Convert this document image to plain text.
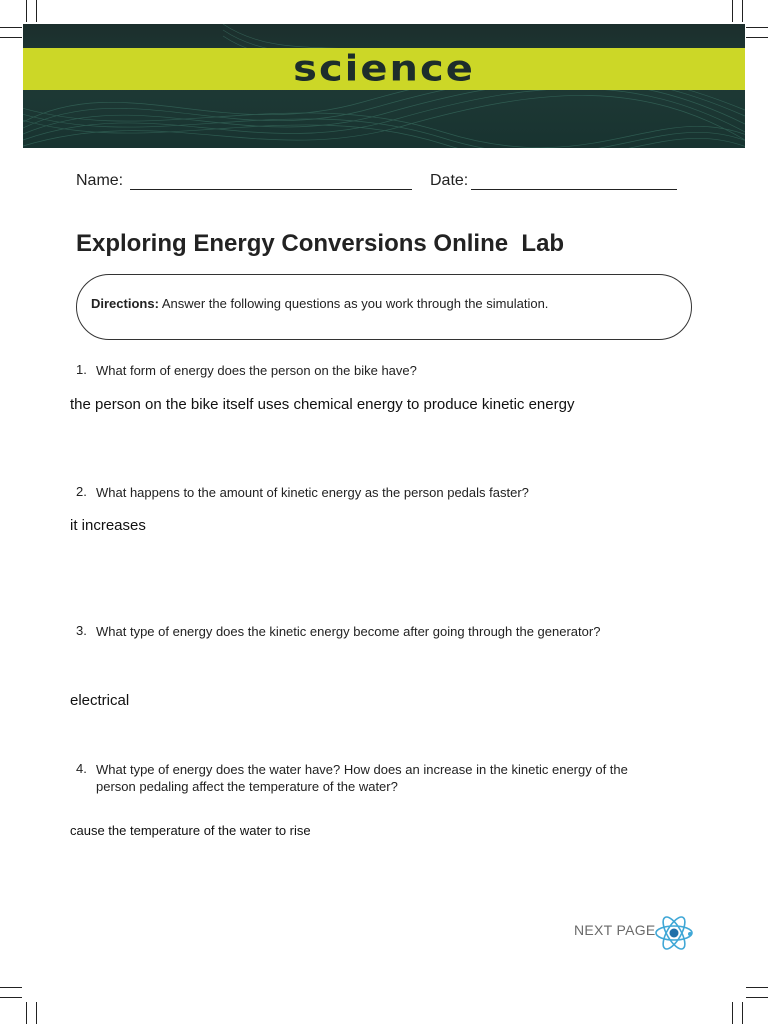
science
Name:	Date:
Exploring Energy Conversions Online  Lab

Directions: Answer the following questions as you work through the simulation.

1. What form of energy does the person on the bike have?
the person on the bike itself uses chemical energy to produce kinetic energy
2. What happens to the amount of kinetic energy as the person pedals faster?
it increases
3. What type of energy does the kinetic energy become after going through the generator?
electrical
4. What type of energy does the water have? How does an increase in the kinetic energy of the person pedaling affect the temperature of the water?
cause the temperature of the water to rise
NEXT PAGE
